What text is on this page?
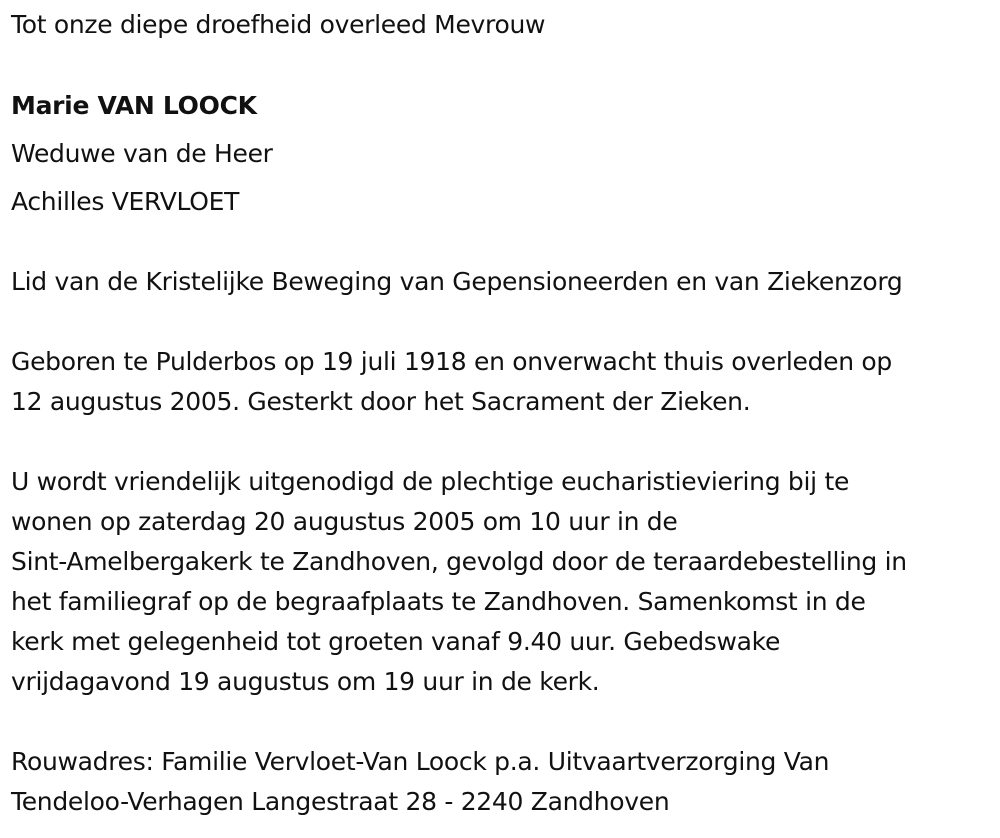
Tot onze diepe droefheid overleed Mevrouw
Marie VAN LOOCK
Weduwe van de Heer
Achilles VERVLOET
Lid van de Kristelijke Beweging van Gepensioneerden en van Ziekenzorg
Geboren te Pulderbos op 19 juli 1918 en onverwacht thuis overleden op
12 augustus 2005. Gesterkt door het Sacrament der Zieken.
U wordt vriendelijk uitgenodigd de plechtige eucharistieviering bij te
wonen op zaterdag 20 augustus 2005 om 10 uur in de
Sint-Amelbergakerk te Zandhoven, gevolgd door de teraardebestelling in
het familiegraf op de begraafplaats te Zandhoven. Samenkomst in de
kerk met gelegenheid tot groeten vanaf 9.40 uur. Gebedswake
vrijdagavond 19 augustus om 19 uur in de kerk.
Rouwadres: Familie Vervloet-Van Loock p.a. Uitvaartverzorging Van
Tendeloo-Verhagen Langestraat 28 - 2240 Zandhoven
